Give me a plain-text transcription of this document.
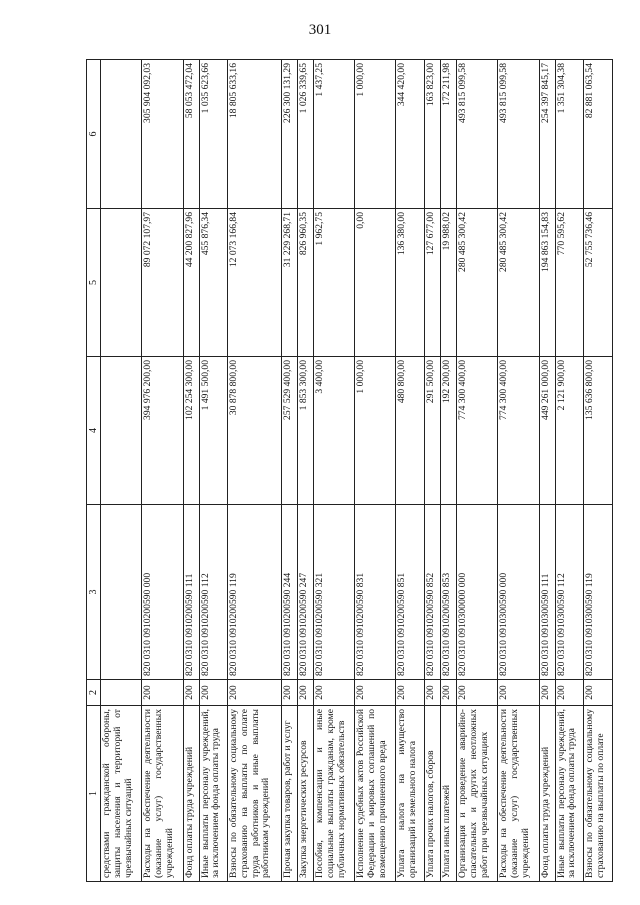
301
1	2	3	4	5	6
средствами гражданской обороны, защиты населения и территорий от чрезвычайных ситуаций					
Расходы на обеспечение деятельности (оказание услуг) государственных учреждений	200	820 0310 0910200590 000	394 976 200,00	89 072 107,97	305 904 092,03
Фонд оплаты труда учреждений	200	820 0310 0910200590 111	102 254 300,00	44 200 827,96	58 053 472,04
Иные выплаты персоналу учреждений, за исключением фонда оплаты труда	200	820 0310 0910200590 112	1 491 500,00	455 876,34	1 035 623,66
Взносы по обязательному социальному страхованию на выплаты по оплате труда работников и иные выплаты работникам учреждений	200	820 0310 0910200590 119	30 878 800,00	12 073 166,84	18 805 633,16
Прочая закупка товаров, работ и услуг	200	820 0310 0910200590 244	257 529 400,00	31 229 268,71	226 300 131,29
Закупка энергетических ресурсов	200	820 0310 0910200590 247	1 853 300,00	826 960,35	1 026 339,65
Пособия, компенсации и иные социальные выплаты гражданам, кроме публичных нормативных обязательств	200	820 0310 0910200590 321	3 400,00	1 962,75	1 437,25
Исполнение судебных актов Российской Федерации и мировых соглашений по возмещению причиненного вреда	200	820 0310 0910200590 831	1 000,00	0,00	1 000,00
Уплата налога на имущество организаций и земельного налога	200	820 0310 0910200590 851	480 800,00	136 380,00	344 420,00
Уплата прочих налогов, сборов	200	820 0310 0910200590 852	291 500,00	127 677,00	163 823,00
Уплата иных платежей	200	820 0310 0910200590 853	192 200,00	19 988,02	172 211,98
Организация и проведение аварийно-спасательных и других неотложных работ при чрезвычайных ситуациях	200	820 0310 0910300000 000	774 300 400,00	280 485 300,42	493 815 099,58
Расходы на обеспечение деятельности (оказание услуг) государственных учреждений	200	820 0310 0910300590 000	774 300 400,00	280 485 300,42	493 815 099,58
Фонд оплаты труда учреждений	200	820 0310 0910300590 111	449 261 000,00	194 863 154,83	254 397 845,17
Иные выплаты персоналу учреждений, за исключением фонда оплаты труда	200	820 0310 0910300590 112	2 121 900,00	770 595,62	1 351 304,38
Взносы по обязательному социальному страхованию на выплаты по оплате	200	820 0310 0910300590 119	135 636 800,00	52 755 736,46	82 881 063,54
